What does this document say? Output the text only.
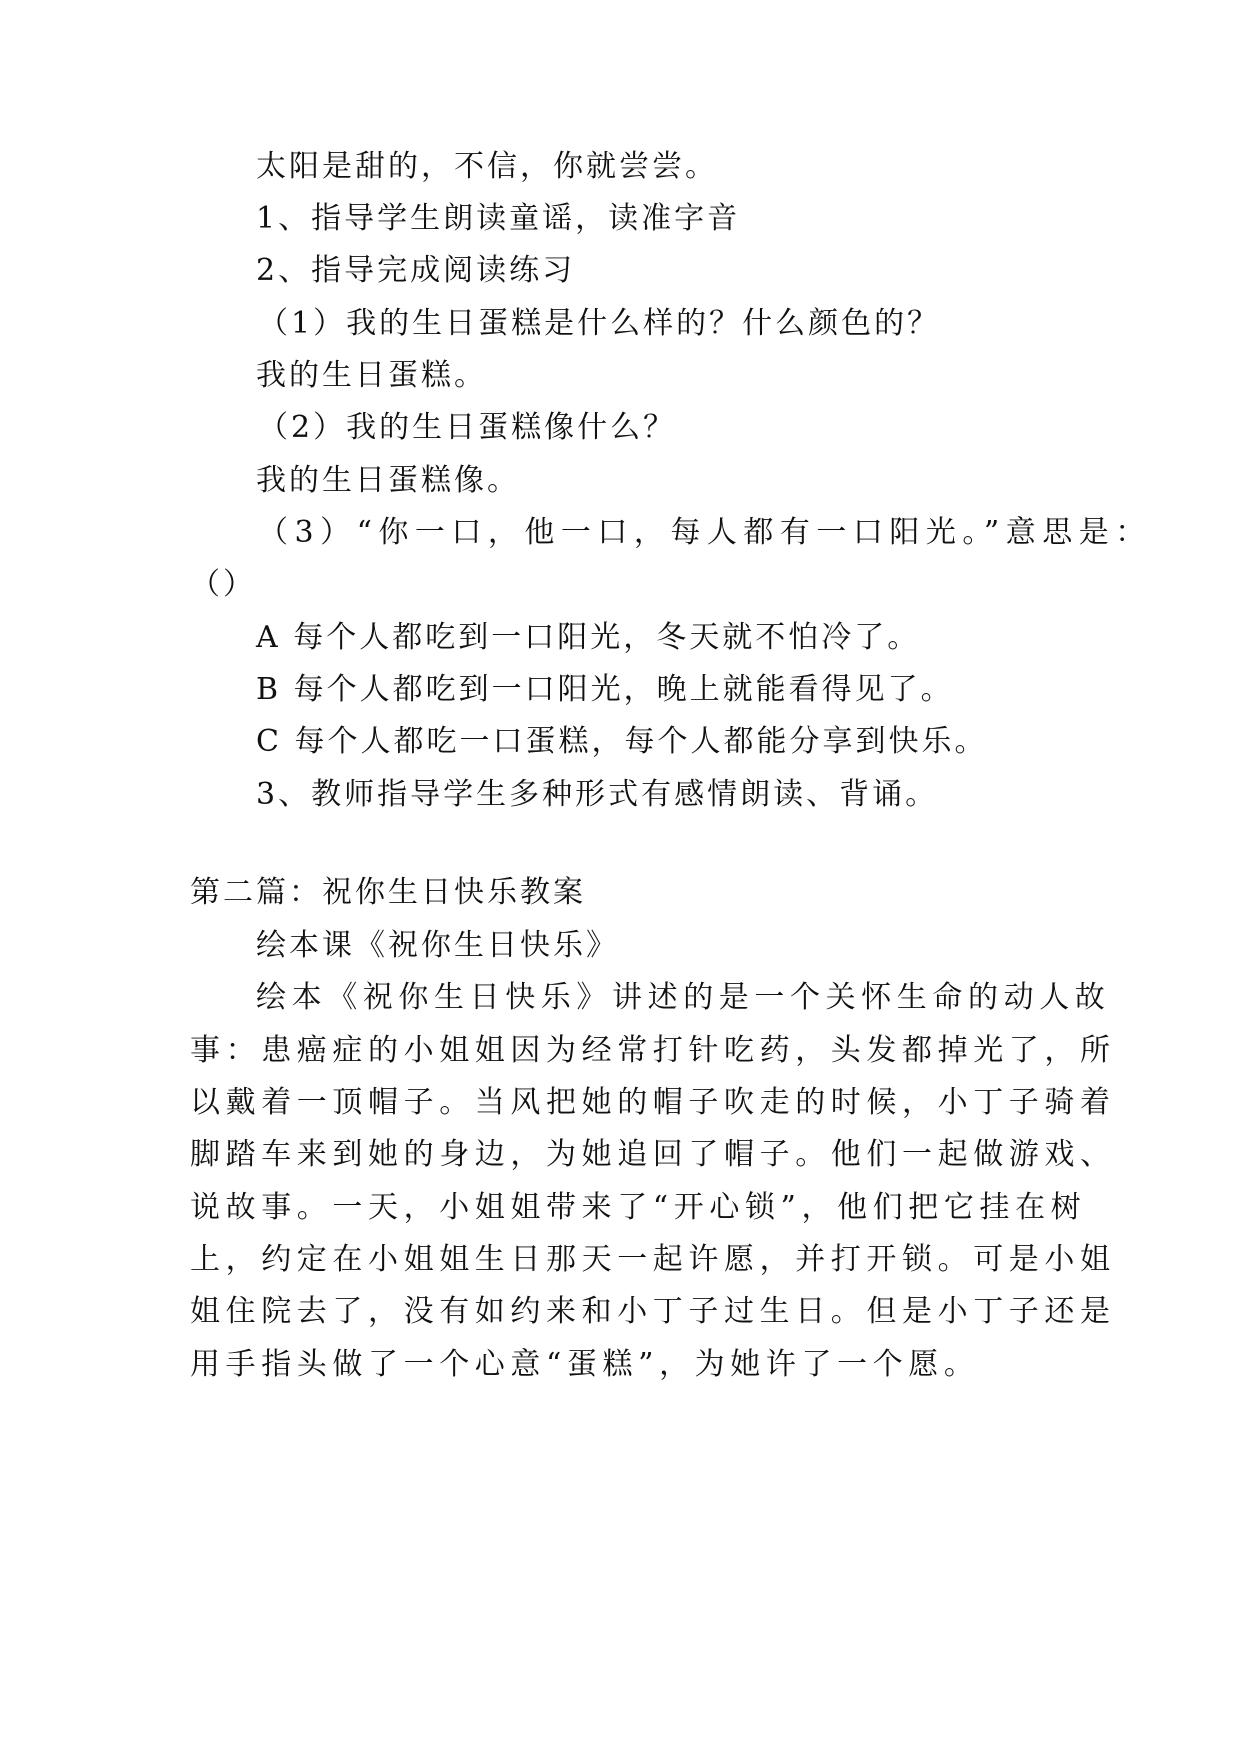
太阳是甜的，不信，你就尝尝。
1、指导学生朗读童谣，读准字音
2、指导完成阅读练习
（1）我的生日蛋糕是什么样的？什么颜色的？
我的生日蛋糕。
（2）我的生日蛋糕像什么？
我的生日蛋糕像。
（3）“你一口，他一口，每人都有一口阳光。”意思是：
（）
A 每个人都吃到一口阳光，冬天就不怕冷了。
B 每个人都吃到一口阳光，晚上就能看得见了。
C 每个人都吃一口蛋糕，每个人都能分享到快乐。
3、教师指导学生多种形式有感情朗读、背诵。
第二篇：祝你生日快乐教案
绘本课《祝你生日快乐》
绘本《祝你生日快乐》讲述的是一个关怀生命的动人故
事：患癌症的小姐姐因为经常打针吃药，头发都掉光了，所
以戴着一顶帽子。当风把她的帽子吹走的时候，小丁子骑着
脚踏车来到她的身边，为她追回了帽子。他们一起做游戏、
说故事。一天，小姐姐带来了“开心锁”，他们把它挂在树
上，约定在小姐姐生日那天一起许愿，并打开锁。可是小姐
姐住院去了，没有如约来和小丁子过生日。但是小丁子还是
用手指头做了一个心意“蛋糕”，为她许了一个愿。
